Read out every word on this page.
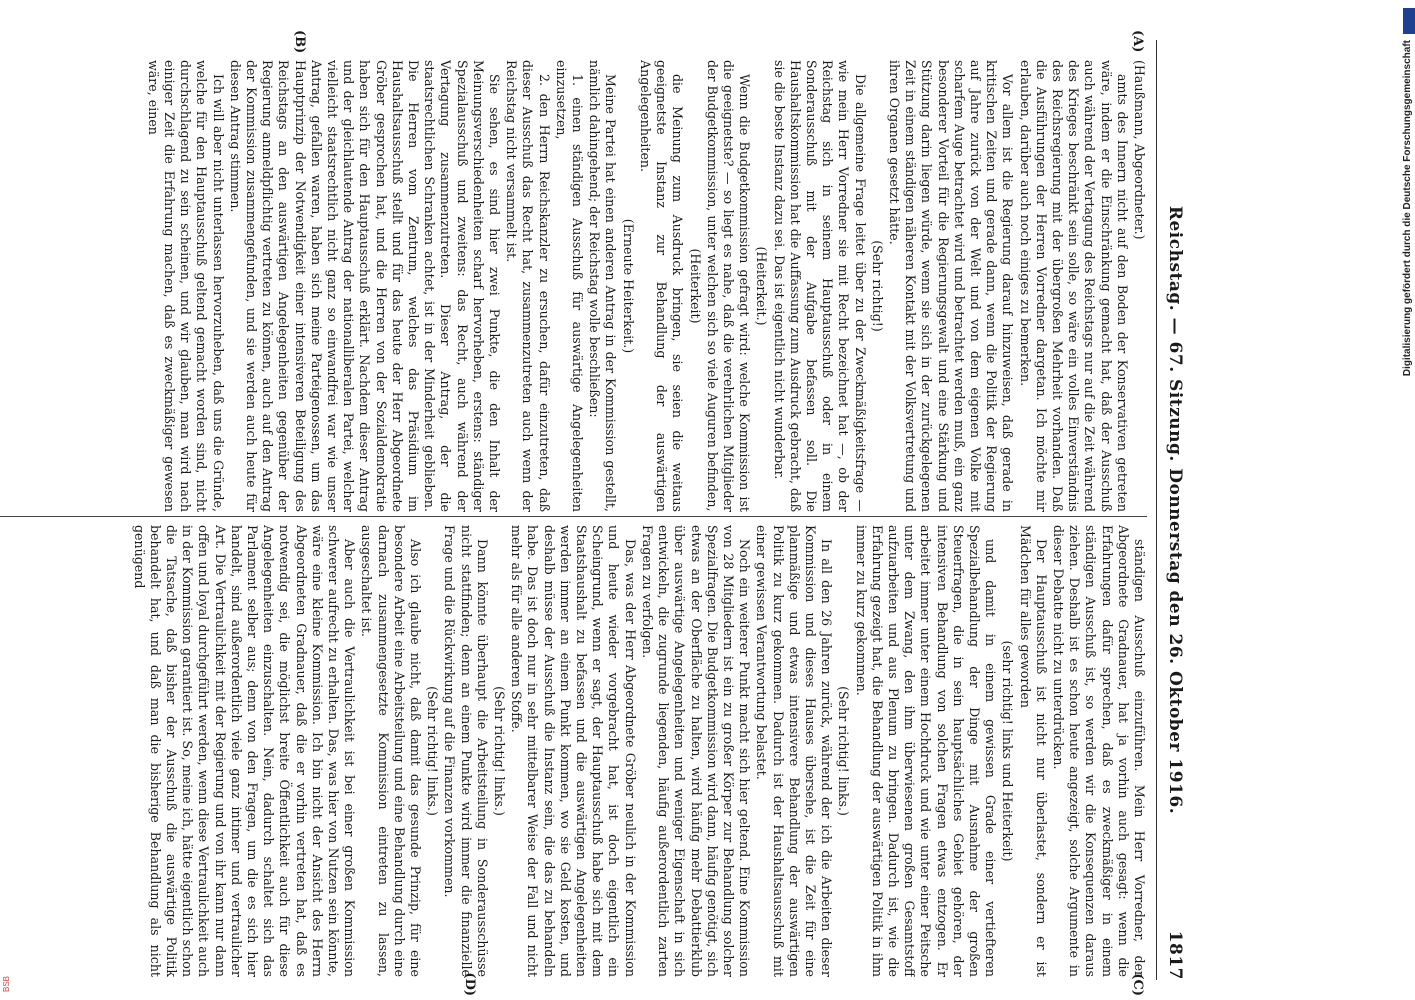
Reichstag. — 67. Sitzung. Donnerstag den 26. Oktober 1916.
1817
(A)
(B)
(C)
(D)

(Haußmann, Abgeordneter.)

amts des Innern nicht auf den Boden der Konservativen getreten wäre, indem er die Einschränkung gemacht hat, daß der Ausschuß auch während der Vertagung des Reichstags nur auf die Zeit während des Krieges beschränkt sein solle, so wäre ein volles Einverständnis des Reichsregierung mit der übergroßen Mehrheit vorhanden. Daß die Ausführungen der Herren Vorredner dargetan. Ich möchte mir erlauben, darüber auch noch einiges zu bemerken.

Vor allem ist die Regierung darauf hinzuweisen, daß gerade in kritischen Zeiten und gerade dann, wenn die Politik der Regierung auf Jahre zurück von der Welt und von dem eigenen Volke mit scharfem Auge betrachtet wird und betrachtet werden muß, ein ganz besonderer Vorteil für die Regierungsgewalt und eine Stärkung und Stützung darin liegen würde, wenn sie sich in der zurückgelegenen Zeit in einem ständigen näheren Kontakt mit der Volksvertretung und ihren Organen gesetzt hätte.

(Sehr richtig!)

Die allgemeine Frage leitet über zu der Zweckmäßigkeitsfrage — wie mein Herr Vorredner sie mit Recht bezeichnet hat —, ob der Reichstag sich in seinem Hauptausschuß oder in einem Sonderausschuß mit der Aufgabe befassen soll. Die Haushaltskommission hat die Auffassung zum Ausdruck gebracht, daß sie die beste Instanz dazu sei. Das ist eigentlich nicht wunderbar.

(Heiterkeit.)

Wenn die Budgetkommission gefragt wird: welche Kommission ist die geeignetste? — so liegt es nahe, daß die verehrlichen Mitglieder der Budgetkommission, unter welchen sich so viele Auguren befinden,

(Heiterkeit)

die Meinung zum Ausdruck bringen, sie seien die weitaus geeignetste Instanz zur Behandlung der auswärtigen Angelegenheiten.

(Erneute Heiterkeit.)

Meine Partei hat einen anderen Antrag in der Kommission gestellt, nämlich dahingehend; der Reichstag wolle beschließen:

1. einen ständigen Ausschuß für auswärtige Angelegenheiten einzusetzen,

2. den Herrn Reichskanzler zu ersuchen, dafür einzutreten, daß dieser Ausschuß das Recht hat, zusammenzutreten auch wenn der Reichstag nicht versammelt ist.

Sie sehen, es sind hier zwei Punkte, die den Inhalt der Meinungsverschiedenheiten scharf hervorheben, erstens: ständiger Spezialausschuß und zweitens: das Recht, auch während der Vertagung zusammenzutreten. Dieser Antrag, der die staatsrechtlichen Schranken achtet, ist in der Minderheit geblieben. Die Herren vom Zentrum, welches das Präsidium im Haushaltsausschuß stellt und für das heute der Herr Abgeordnete Gröber gesprochen hat, und die Herren von der Sozialdemokratie haben sich für den Hauptausschuß erklärt. Nachdem dieser Antrag und der gleichlautende Antrag der nationalliberalen Partei, welcher vielleicht staatsrechtlich nicht ganz so einwandfrei war wie unser Antrag, gefallen waren, haben sich meine Parteigenossen, um das Hauptprinzip der Notwendigkeit einer intensiveren Beteiligung des Reichstags an den auswärtigen Angelegenheiten gegenüber der Regierung anmeldpflichtig vertreten zu können, auch auf den Antrag der Kommission zusammengefunden, und sie werden auch heute für diesen Antrag stimmen.

Ich will aber nicht unterlassen hervorzuheben, daß uns die Gründe, welche für den Hauptausschuß geltend gemacht worden sind, nicht durchschlagend zu sein scheinen, und wir glauben, man wird nach einiger Zeit die Erfahrung machen, daß es zweckmäßiger gewesen wäre, einen

ständigen Ausschuß einzuführen. Mein Herr Vorredner, der Abgeordnete Gradnauer, hat ja vorhin auch gesagt: wenn die Erfahrungen dafür sprechen, daß es zweckmäßiger in einem ständigen Ausschuß ist, so werden wir die Konsequenzen daraus ziehen. Deshalb ist es schon heute angezeigt, solche Argumente in dieser Debatte nicht zu unterdrücken.

Der Hauptausschuß ist nicht nur überlastet, sondern er ist Mädchen für alles geworden

(sehr richtig! links und Heiterkeit)

und damit in einem gewissen Grade einer vertiefteren Spezialbehandlung der Dinge mit Ausnahme der großen Steuerfragen, die in sein hauptsächliches Gebiet gehören, der intensiven Behandlung von solchen Fragen etwas entzogen. Er arbeitet immer unter einem Hochdruck und wie unter einer Peitsche unter dem Zwang, den ihm überwiesenen großen Gesamtstoff aufzuarbeiten und aus Plenum zu bringen. Dadurch ist, wie die Erfahrung gezeigt hat, die Behandlung der auswärtigen Politik in ihm immer zu kurz gekommen.

(Sehr richtig! links.)

In all den 26 Jahren zurück, während der ich die Arbeiten dieser Kommission und dieses Hauses übersehe, ist die Zeit für eine planmäßige und etwas intensivere Behandlung der auswärtigen Politik zu kurz gekommen. Dadurch ist der Haushaltsausschuß mit einer gewissen Verantwortung belastet.

Noch ein weiterer Punkt macht sich hier geltend. Eine Kommission von 28 Mitgliedern ist ein zu großer Körper zur Behandlung solcher Spezialfragen. Die Budgetkommission wird dann, häufig genötigt, sich etwas an der Oberfläche zu halten, wird häufig mehr Debattierklub über auswärtige Angelegenheiten und weniger Eigenschaft in sich entwickeln, die zugrunde liegenden, häufig außerordentlich zarten Fragen zu verfolgen.

Das, was der Herr Abgeordnete Gröber neulich in der Kommission und heute wieder vorgebracht hat, ist doch eigentlich ein Scheingrund, wenn er sagt, der Hauptausschuß habe sich mit dem Staatshaushalt zu befassen und die auswärtigen Angelegenheiten werden immer an einem Punkt kommen, wo sie Geld kosten, und deshalb müsse der Ausschuß die Instanz sein, die das zu behandeln habe. Das ist doch nur in sehr mittelbarer Weise der Fall und nicht mehr als für alle anderen Stoffe.

(Sehr richtig! links.)

Dann könnte überhaupt die Arbeitsteilung in Sonderausschüsse nicht stattfinden; denn an einem Punkte wird immer die finanzielle Frage und die Rückwirkung auf die Finanzen vorkommen.

(Sehr richtig! links.)

Also ich glaube nicht, daß damit das gesunde Prinzip, für eine besondere Arbeit eine Arbeitsteilung und eine Behandlung durch eine darnach zusammengesetzte Kommission eintreten zu lassen, ausgeschaltet ist.

Aber auch die Vertraulichkeit ist bei einer großen Kommission schwerer aufrecht zu erhalten. Das, was hier von Nutzen sein könnte, wäre eine kleine Kommission. Ich bin nicht der Ansicht des Herrn Abgeordneten Gradnauer, daß die er vorhin vertreten hat, daß es notwendig sei, die möglichst breite Öffentlichkeit auch für diese Angelegenheiten einzuschalten. Nein, dadurch schaltet sich das Parlament selber aus; denn von den Fragen, um die es sich hier handelt, sind außerordentlich viele ganz intimer und vertraulicher Art. Die Vertraulichkeit mit der Regierung und von ihr kann nur dann offen und loyal durchgeführt werden, wenn diese Vertraulichkeit auch in der Kommission garantiert ist. So, meine ich, hätte eigentlich schon die Tatsache, daß bisher der Ausschuß die auswärtige Politik behandelt hat, und daß man die bisherige Behandlung als nicht genügend

Digitalisierung gefördert durch die Deutsche Forschungsgemeinschaft
BSB
